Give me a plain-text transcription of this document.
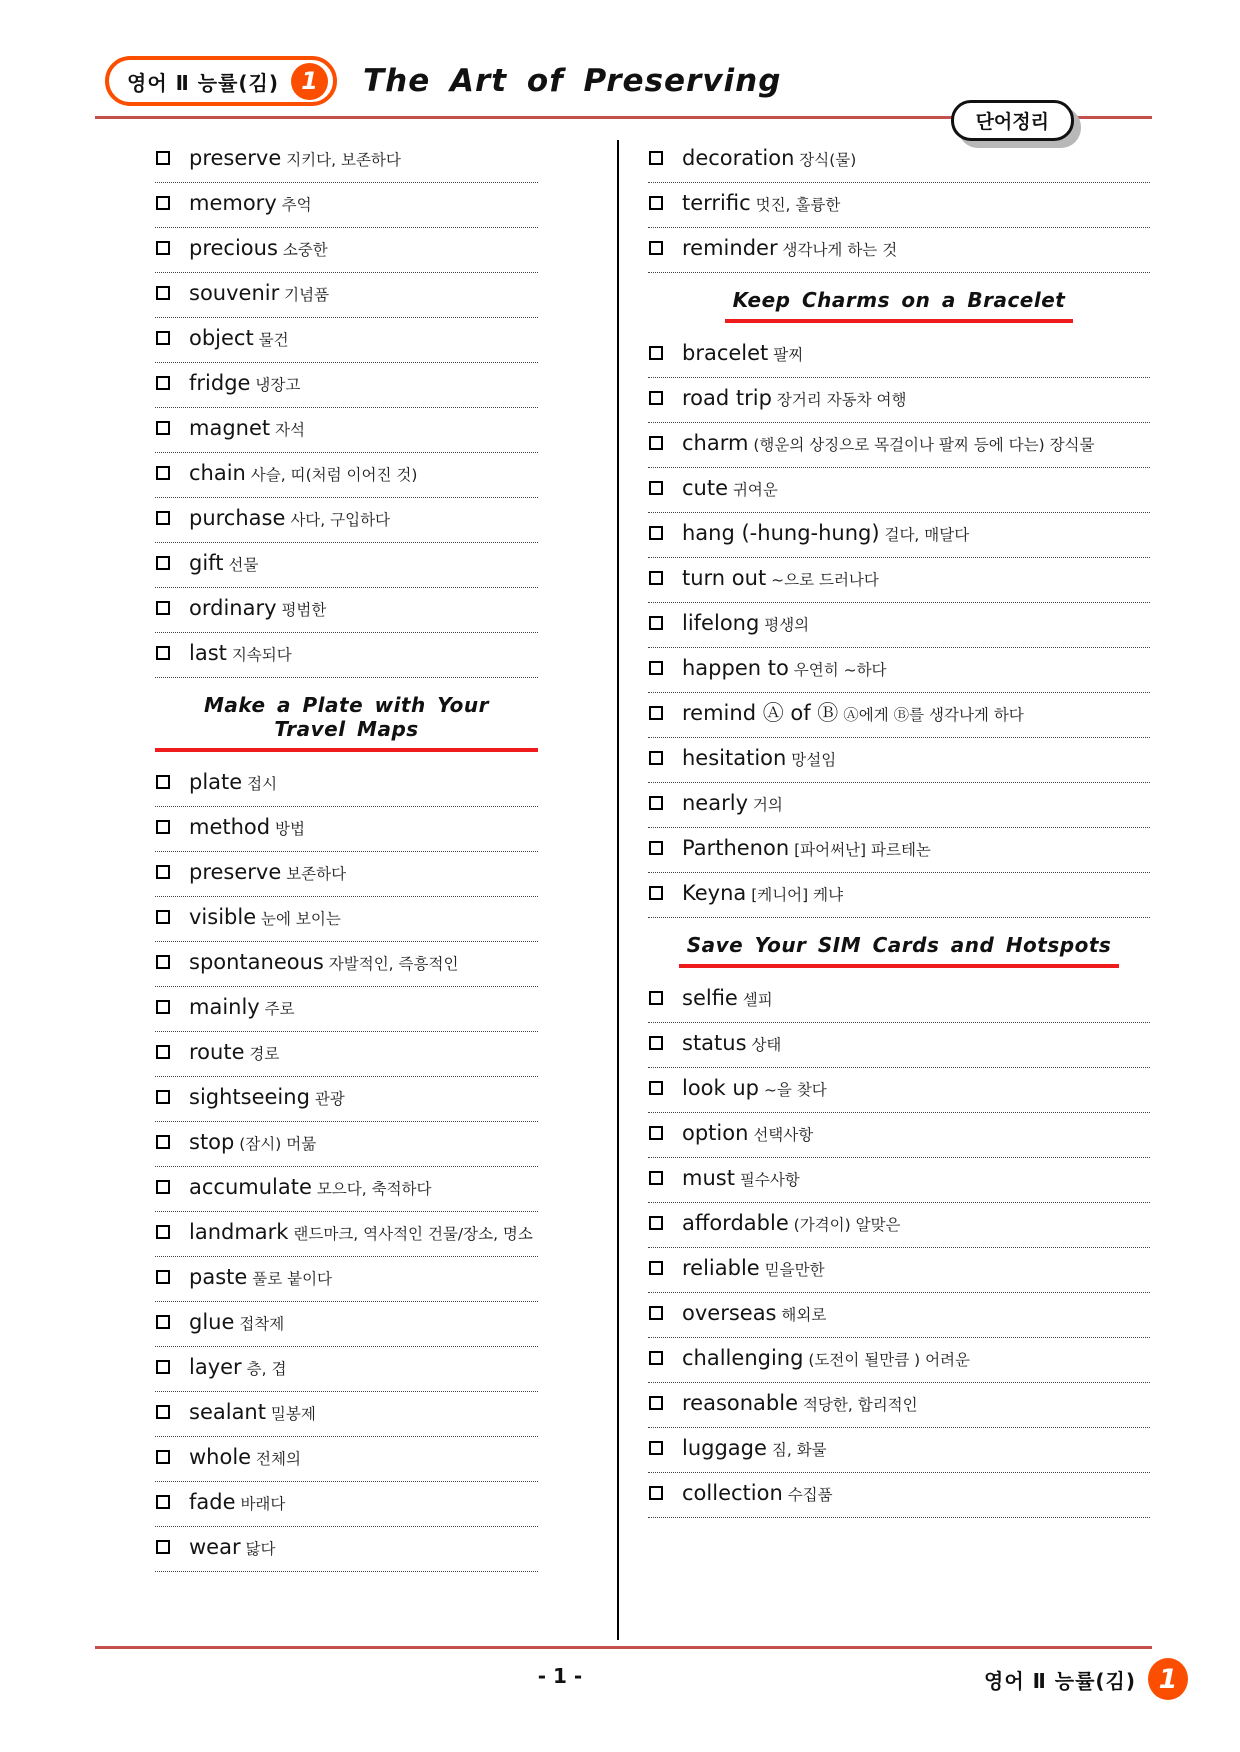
영어 Ⅱ 능률(김) 1	The Art of Preserving
단어정리
preserve 지키다, 보존하다
memory 추억
precious 소중한
souvenir 기념품
object 물건
fridge 냉장고
magnet 자석
chain 사슬, 띠(처럼 이어진 것)
purchase 사다, 구입하다
gift 선물
ordinary 평범한
last 지속되다
Make a Plate with Your Travel Maps
plate 접시
method 방법
preserve 보존하다
visible 눈에 보이는
spontaneous 자발적인, 즉흥적인
mainly 주로
route 경로
sightseeing 관광
stop (잠시) 머묾
accumulate 모으다, 축적하다
landmark 랜드마크, 역사적인 건물/장소, 명소
paste 풀로 붙이다
glue 접착제
layer 층, 겹
sealant 밀봉제
whole 전체의
fade 바래다
wear 닳다
decoration 장식(물)
terrific 멋진, 훌륭한
reminder 생각나게 하는 것
Keep Charms on a Bracelet
bracelet 팔찌
road trip 장거리 자동차 여행
charm (행운의 상징으로 목걸이나 팔찌 등에 다는) 장식물
cute 귀여운
hang (-hung-hung) 걸다, 매달다
turn out ~으로 드러나다
lifelong 평생의
happen to 우연히 ~하다
remind Ⓐ of Ⓑ Ⓐ에게 Ⓑ를 생각나게 하다
hesitation 망설임
nearly 거의
Parthenon [파어써난] 파르테논
Keyna [케니어] 케냐
Save Your SIM Cards and Hotspots
selfie 셀피
status 상태
look up ~을 찾다
option 선택사항
must 필수사항
affordable (가격이) 알맞은
reliable 믿을만한
overseas 해외로
challenging (도전이 될만큼 ) 어려운
reasonable 적당한, 합리적인
luggage 짐, 화물
collection 수집품
- 1 -	영어 Ⅱ 능률(김) 1
